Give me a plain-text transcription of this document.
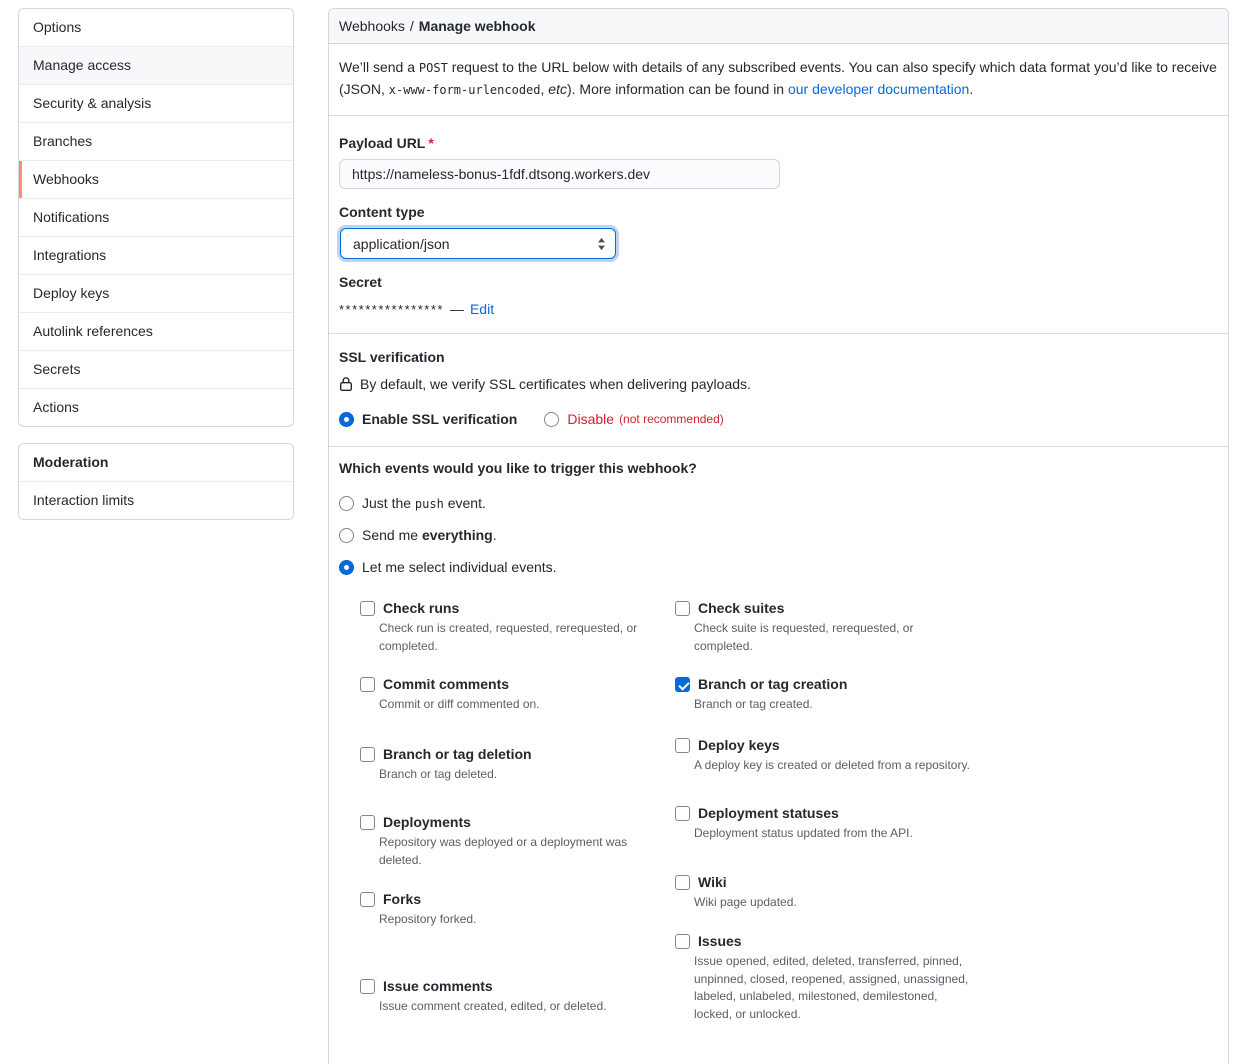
Options
Manage access
Security & analysis
Branches
Webhooks
Notifications
Integrations
Deploy keys
Autolink references
Secrets
Actions
Moderation
Interaction limits
Webhooks / Manage webhook
We’ll send a POST request to the URL below with details of any subscribed events. You can also specify which data format you’d like to receive (JSON, x-www-form-urlencoded, etc). More information can be found in our developer documentation.
Payload URL *
https://nameless-bonus-1fdf.dtsong.workers.dev
Content type
application/json
Secret
**************** — Edit
SSL verification

By default, we verify SSL certificates when delivering payloads.

Enable SSL verification	Disable (not recommended)
Which events would you like to trigger this webhook?
Just the push event.
Send me everything.
Let me select individual events.
Check runs

Check run is created, requested, rerequested, or completed.

Commit comments

Commit or diff commented on.

Branch or tag deletion

Branch or tag deleted.

Deployments

Repository was deployed or a deployment was deleted.

Forks

Repository forked.

Issue comments

Issue comment created, edited, or deleted.

Check suites

Check suite is requested, rerequested, or completed.

Branch or tag creation

Branch or tag created.

Deploy keys

A deploy key is created or deleted from a repository.

Deployment statuses

Deployment status updated from the API.

Wiki

Wiki page updated.

Issues

Issue opened, edited, deleted, transferred, pinned, unpinned, closed, reopened, assigned, unassigned, labeled, unlabeled, milestoned, demilestoned, locked, or unlocked.
